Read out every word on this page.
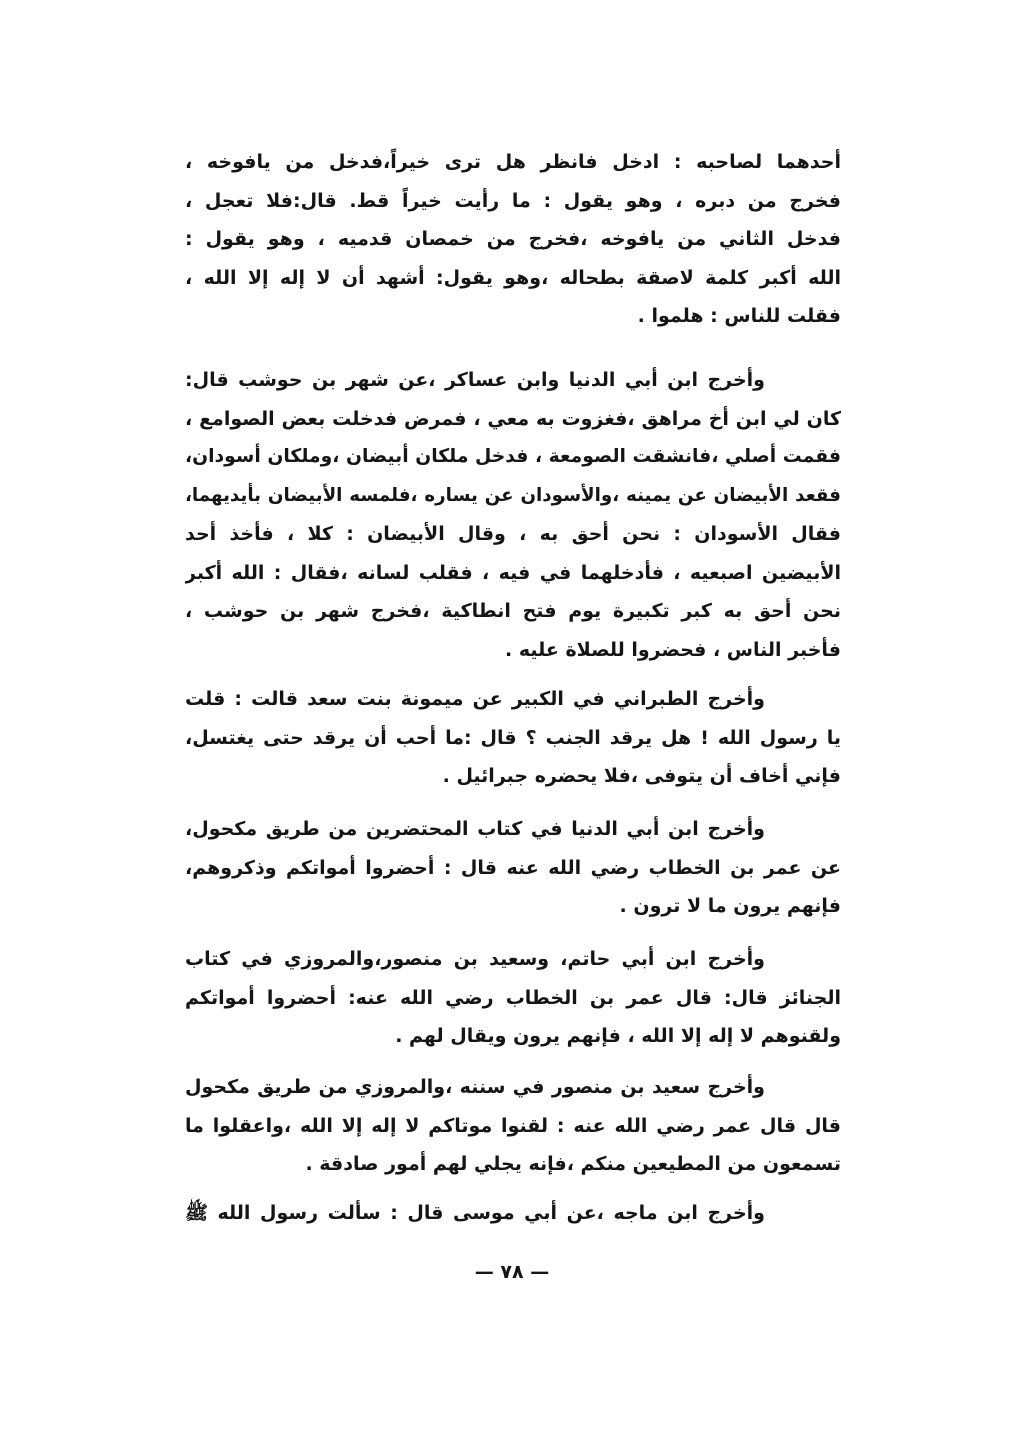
أحدهما لصاحبه : ادخل فانظر هل ترى خيراً،فدخل من يافوخه ،
فخرج من دبره ، وهو يقول : ما رأيت خيراً قط. قال:فلا تعجل ،
فدخل الثاني من يافوخه ،فخرج من خمصان قدميه ، وهو يقول :
الله أكبر كلمة لاصقة بطحاله ،وهو يقول: أشهد أن لا إله إلا الله ،
فقلت للناس : هلموا .
وأخرج ابن أبي الدنيا وابن عساكر ،عن شهر بن حوشب قال:
كان لي ابن أخ مراهق ،فغزوت به معي ، فمرض فدخلت بعض الصوامع ،
فقمت أصلي ،فانشقت الصومعة ، فدخل ملكان أبيضان ،وملكان أسودان،
فقعد الأبيضان عن يمينه ،والأسودان عن يساره ،فلمسه الأبيضان بأيديهما،
فقال الأسودان : نحن أحق به ، وقال الأبيضان : كلا ، فأخذ أحد
الأبيضين اصبعيه ، فأدخلهما في فيه ، فقلب لسانه ،فقال : الله أكبر
نحن أحق به كبر تكبيرة يوم فتح انطاكية ،فخرج شهر بن حوشب ،
فأخبر الناس ، فحضروا للصلاة عليه .
وأخرج الطبراني في الكبير عن ميمونة بنت سعد قالت : قلت
يا رسول الله ! هل يرقد الجنب ؟ قال :ما أحب أن يرقد حتى يغتسل،
فإني أخاف أن يتوفى ،فلا يحضره جبرائيل .
وأخرج ابن أبي الدنيا في كتاب المحتضرين من طريق مكحول،
عن عمر بن الخطاب رضي الله عنه قال : أحضروا أمواتكم وذكروهم،
فإنهم يرون ما لا ترون .
وأخرج ابن أبي حاتم، وسعيد بن منصور،والمروزي في كتاب
الجنائز قال: قال عمر بن الخطاب رضي الله عنه: أحضروا أمواتكم
ولقنوهم لا إله إلا الله ، فإنهم يرون ويقال لهم .
وأخرج سعيد بن منصور في سننه ،والمروزي من طريق مكحول
قال قال عمر رضي الله عنه : لقنوا موتاكم لا إله إلا الله ،واعقلوا ما
تسمعون من المطيعين منكم ،فإنه يجلي لهم أمور صادقة .
وأخرج ابن ماجه ،عن أبي موسى قال : سألت رسول الله ﷺ
— ٧٨ —
